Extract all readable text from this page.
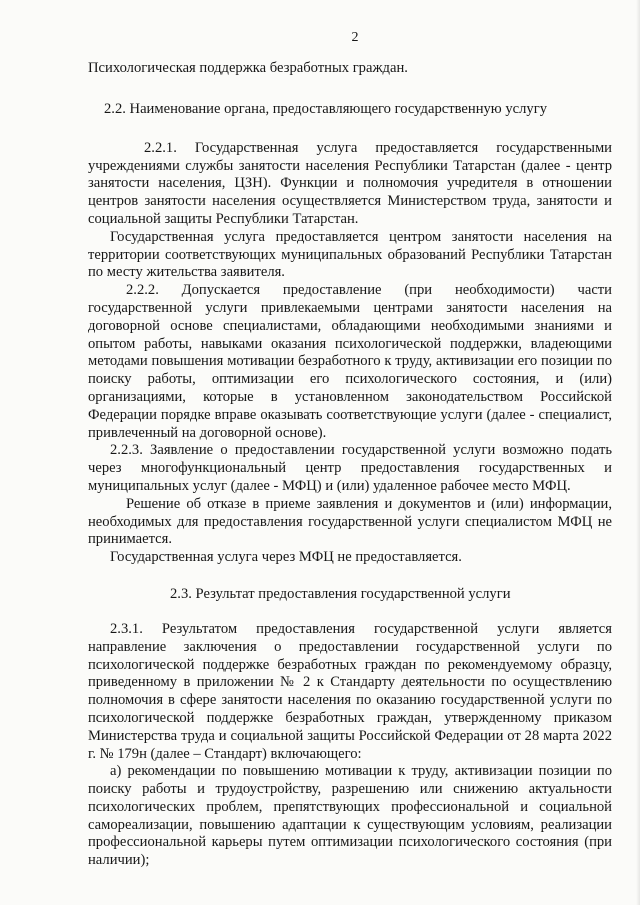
2

Психологическая поддержка безработных граждан.

2.2. Наименование органа, предоставляющего государственную услугу

2.2.1. Государственная услуга предоставляется государственными учреждениями службы занятости населения Республики Татарстан (далее - центр занятости населения, ЦЗН). Функции и полномочия учредителя в отношении центров занятости населения осуществляется Министерством труда, занятости и социальной защиты Республики Татарстан.

Государственная услуга предоставляется центром занятости населения на территории соответствующих муниципальных образований Республики Татарстан по месту жительства заявителя.

2.2.2. Допускается предоставление (при необходимости) части государственной услуги привлекаемыми центрами занятости населения на договорной основе специалистами, обладающими необходимыми знаниями и опытом работы, навыками оказания психологической поддержки, владеющими методами повышения мотивации безработного к труду, активизации его позиции по поиску работы, оптимизации его психологического состояния, и (или) организациями, которые в установленном законодательством Российской Федерации порядке вправе оказывать соответствующие услуги (далее - специалист, привлеченный на договорной основе).

2.2.3. Заявление о предоставлении государственной услуги возможно подать через многофункциональный центр предоставления государственных и муниципальных услуг (далее - МФЦ) и (или) удаленное рабочее место МФЦ.

Решение об отказе в приеме заявления и документов и (или) информации, необходимых для предоставления государственной услуги специалистом МФЦ не принимается.

Государственная услуга через МФЦ не предоставляется.

2.3. Результат предоставления государственной услуги

2.3.1. Результатом предоставления государственной услуги является направление заключения о предоставлении государственной услуги по психологической поддержке безработных граждан по рекомендуемому образцу, приведенному в приложении № 2 к Стандарту деятельности по осуществлению полномочия в сфере занятости населения по оказанию государственной услуги по психологической поддержке безработных граждан, утвержденному приказом Министерства труда и социальной защиты Российской Федерации от 28 марта 2022 г. № 179н (далее – Стандарт) включающего:

а) рекомендации по повышению мотивации к труду, активизации позиции по поиску работы и трудоустройству, разрешению или снижению актуальности психологических проблем, препятствующих профессиональной и социальной самореализации, повышению адаптации к существующим условиям, реализации профессиональной карьеры путем оптимизации психологического состояния (при наличии);
